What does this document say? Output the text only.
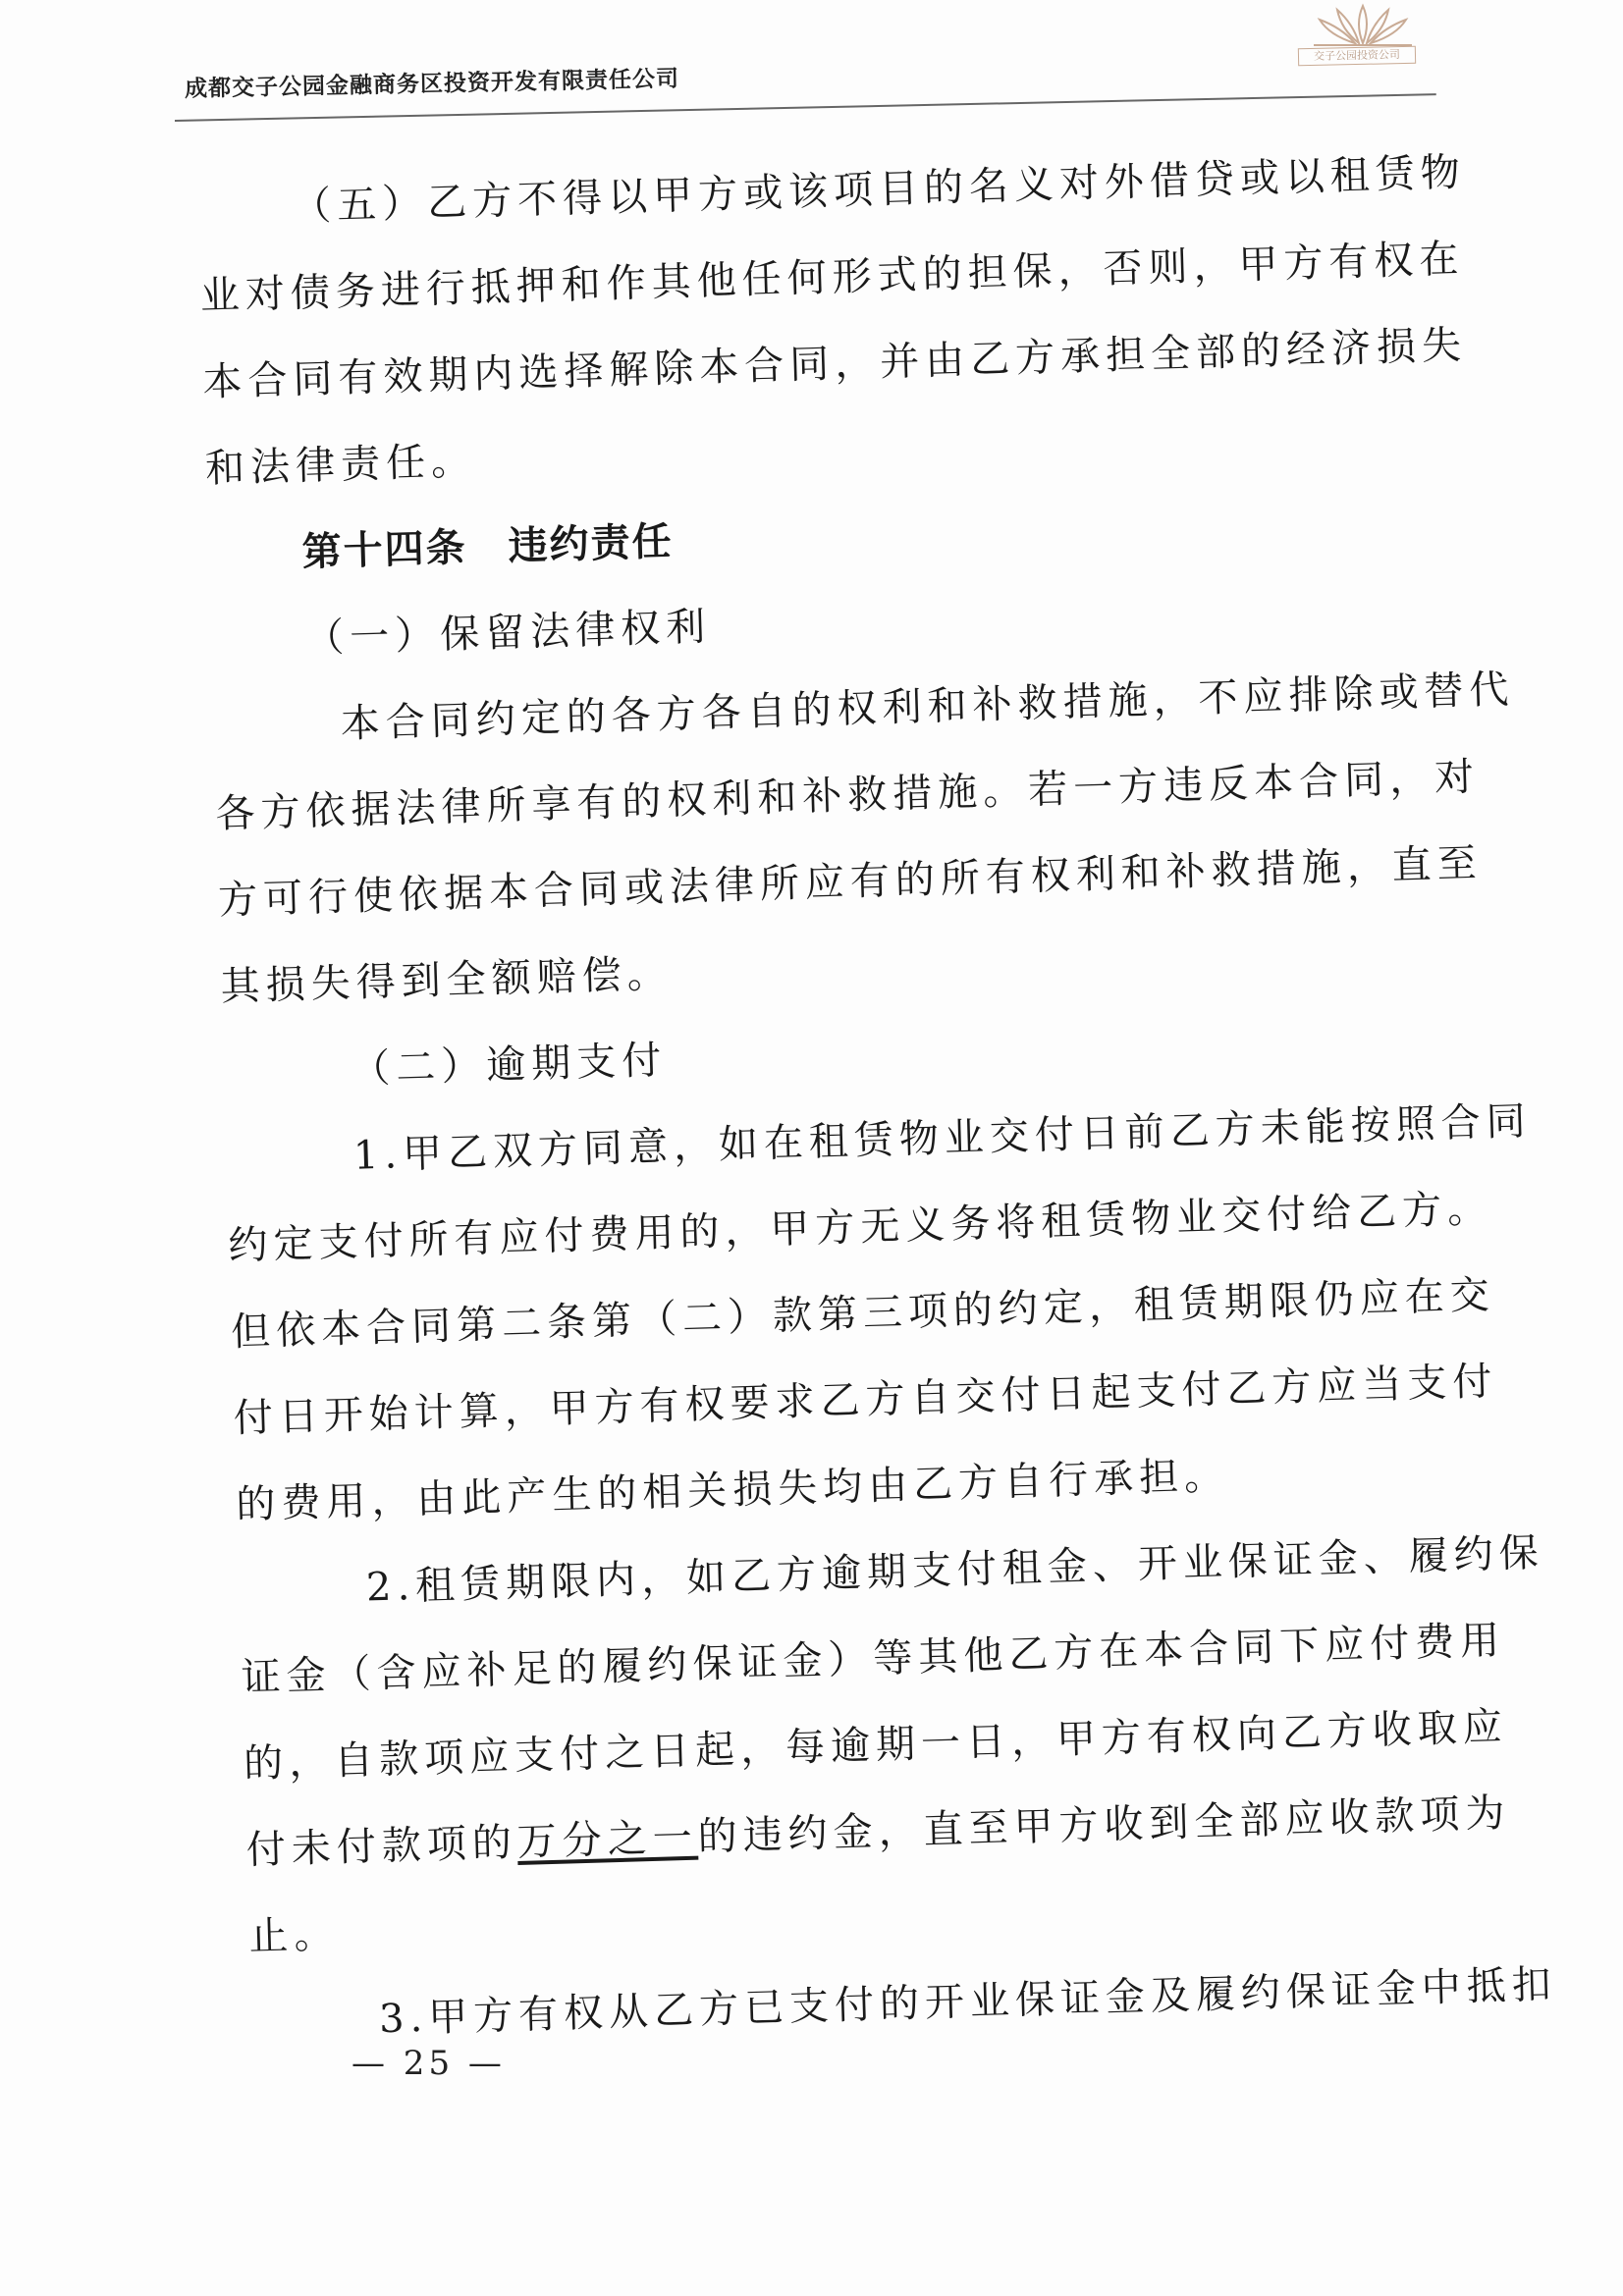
交子公园投资公司
成都交子公园金融商务区投资开发有限责任公司
（五）乙方不得以甲方或该项目的名义对外借贷或以租赁物
业对债务进行抵押和作其他任何形式的担保，否则，甲方有权在
本合同有效期内选择解除本合同，并由乙方承担全部的经济损失
和法律责任。
第十四条　违约责任
（一）保留法律权利
本合同约定的各方各自的权利和补救措施，不应排除或替代
各方依据法律所享有的权利和补救措施。若一方违反本合同，对
方可行使依据本合同或法律所应有的所有权利和补救措施，直至
其损失得到全额赔偿。
（二）逾期支付
1.甲乙双方同意，如在租赁物业交付日前乙方未能按照合同
约定支付所有应付费用的，甲方无义务将租赁物业交付给乙方。
但依本合同第二条第（二）款第三项的约定，租赁期限仍应在交
付日开始计算，甲方有权要求乙方自交付日起支付乙方应当支付
的费用，由此产生的相关损失均由乙方自行承担。
2.租赁期限内，如乙方逾期支付租金、开业保证金、履约保
证金（含应补足的履约保证金）等其他乙方在本合同下应付费用
的，自款项应支付之日起，每逾期一日，甲方有权向乙方收取应
付未付款项的万分之一的违约金，直至甲方收到全部应收款项为
止。
3.甲方有权从乙方已支付的开业保证金及履约保证金中抵扣
— 25 —
